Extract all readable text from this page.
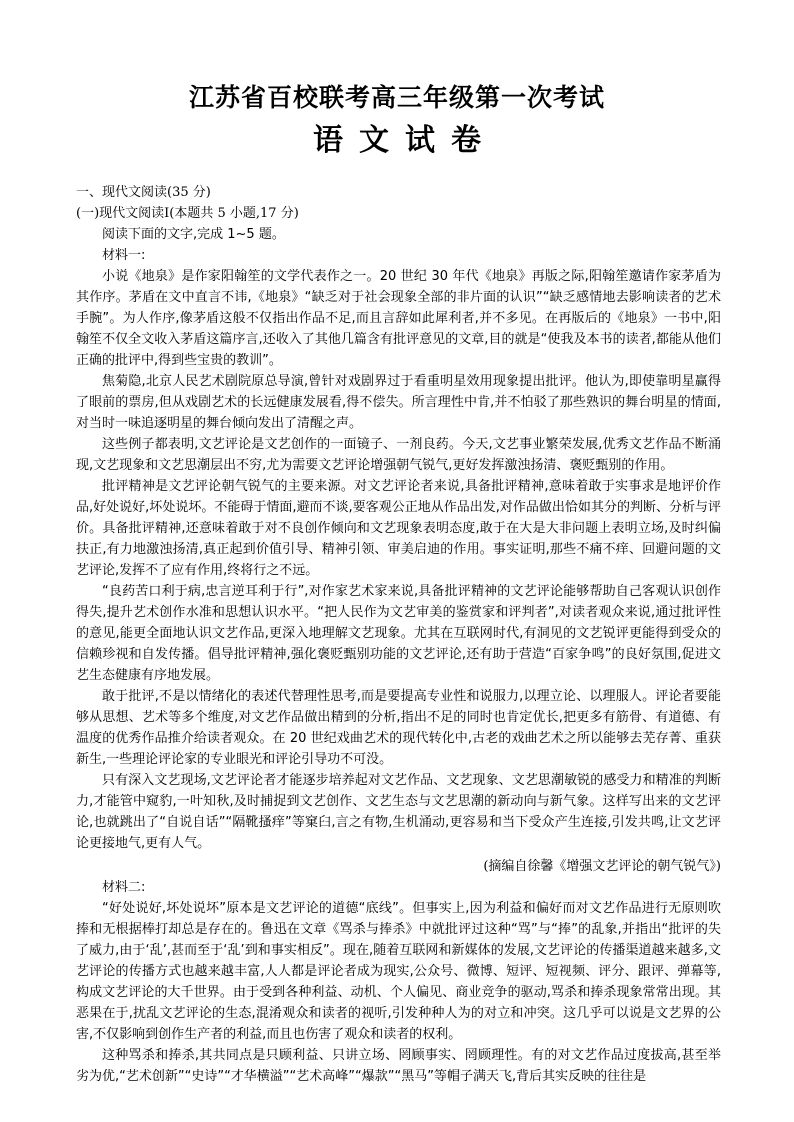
江苏省百校联考高三年级第一次考试
语文试卷

一、现代文阅读(35 分)

(一)现代文阅读Ⅰ(本题共 5 小题,17 分)

阅读下面的文字,完成 1~5 题。

材料一:

小说《地泉》是作家阳翰笙的文学代表作之一。20 世纪 30 年代《地泉》再版之际,阳翰笙邀请作家茅盾为其作序。茅盾在文中直言不讳,《地泉》“缺乏对于社会现象全部的非片面的认识”“缺乏感情地去影响读者的艺术手腕”。为人作序,像茅盾这般不仅指出作品不足,而且言辞如此犀利者,并不多见。在再版后的《地泉》一书中,阳翰笙不仅全文收入茅盾这篇序言,还收入了其他几篇含有批评意见的文章,目的就是“使我及本书的读者,都能从他们正确的批评中,得到些宝贵的教训”。

焦菊隐,北京人民艺术剧院原总导演,曾针对戏剧界过于看重明星效用现象提出批评。他认为,即使靠明星赢得了眼前的票房,但从戏剧艺术的长远健康发展看,得不偿失。所言理性中肯,并不怕驳了那些熟识的舞台明星的情面,对当时一味追逐明星的舞台倾向发出了清醒之声。

这些例子都表明,文艺评论是文艺创作的一面镜子、一剂良药。今天,文艺事业繁荣发展,优秀文艺作品不断涌现,文艺现象和文艺思潮层出不穷,尤为需要文艺评论增强朝气锐气,更好发挥激浊扬清、褒贬甄别的作用。

批评精神是文艺评论朝气锐气的主要来源。对文艺评论者来说,具备批评精神,意味着敢于实事求是地评价作品,好处说好,坏处说坏。不能碍于情面,避而不谈,要客观公正地从作品出发,对作品做出恰如其分的判断、分析与评价。具备批评精神,还意味着敢于对不良创作倾向和文艺现象表明态度,敢于在大是大非问题上表明立场,及时纠偏扶正,有力地激浊扬清,真正起到价值引导、精神引领、审美启迪的作用。事实证明,那些不痛不痒、回避问题的文艺评论,发挥不了应有作用,终将行之不远。

“良药苦口利于病,忠言逆耳利于行”,对作家艺术家来说,具备批评精神的文艺评论能够帮助自己客观认识创作得失,提升艺术创作水准和思想认识水平。“把人民作为文艺审美的鉴赏家和评判者”,对读者观众来说,通过批评性的意见,能更全面地认识文艺作品,更深入地理解文艺现象。尤其在互联网时代,有洞见的文艺锐评更能得到受众的信赖珍视和自发传播。倡导批评精神,强化褒贬甄别功能的文艺评论,还有助于营造“百家争鸣”的良好氛围,促进文艺生态健康有序地发展。

敢于批评,不是以情绪化的表述代替理性思考,而是要提高专业性和说服力,以理立论、以理服人。评论者要能够从思想、艺术等多个维度,对文艺作品做出精到的分析,指出不足的同时也肯定优长,把更多有筋骨、有道德、有温度的优秀作品推介给读者观众。在 20 世纪戏曲艺术的现代转化中,古老的戏曲艺术之所以能够去芜存菁、重获新生,一些理论评论家的专业眼光和评论引导功不可没。

只有深入文艺现场,文艺评论者才能逐步培养起对文艺作品、文艺现象、文艺思潮敏锐的感受力和精准的判断力,才能管中窥豹,一叶知秋,及时捕捉到文艺创作、文艺生态与文艺思潮的新动向与新气象。这样写出来的文艺评论,也就跳出了“自说自话”“隔靴搔痒”等窠臼,言之有物,生机涌动,更容易和当下受众产生连接,引发共鸣,让文艺评论更接地气,更有人气。

(摘编自徐馨《增强文艺评论的朝气锐气》)

材料二:

“好处说好,坏处说坏”原本是文艺评论的道德“底线”。但事实上,因为利益和偏好而对文艺作品进行无原则吹捧和无根据棒打却总是存在的。鲁迅在文章《骂杀与捧杀》中就批评过这种“骂”与“捧”的乱象,并指出“批评的失了威力,由于‘乱’,甚而至于‘乱’到和事实相反”。现在,随着互联网和新媒体的发展,文艺评论的传播渠道越来越多,文艺评论的传播方式也越来越丰富,人人都是评论者成为现实,公众号、微博、短评、短视频、评分、跟评、弹幕等,构成文艺评论的大千世界。由于受到各种利益、动机、个人偏见、商业竞争的驱动,骂杀和捧杀现象常常出现。其恶果在于,扰乱文艺评论的生态,混淆观众和读者的视听,引发种种人为的对立和冲突。这几乎可以说是文艺界的公害,不仅影响到创作生产者的利益,而且也伤害了观众和读者的权利。

这种骂杀和捧杀,其共同点是只顾利益、只讲立场、罔顾事实、罔顾理性。有的对文艺作品过度拔高,甚至举劣为优,“艺术创新”“史诗”“才华横溢”“艺术高峰”“爆款”“黑马”等帽子满天飞,背后其实反映的往往是
